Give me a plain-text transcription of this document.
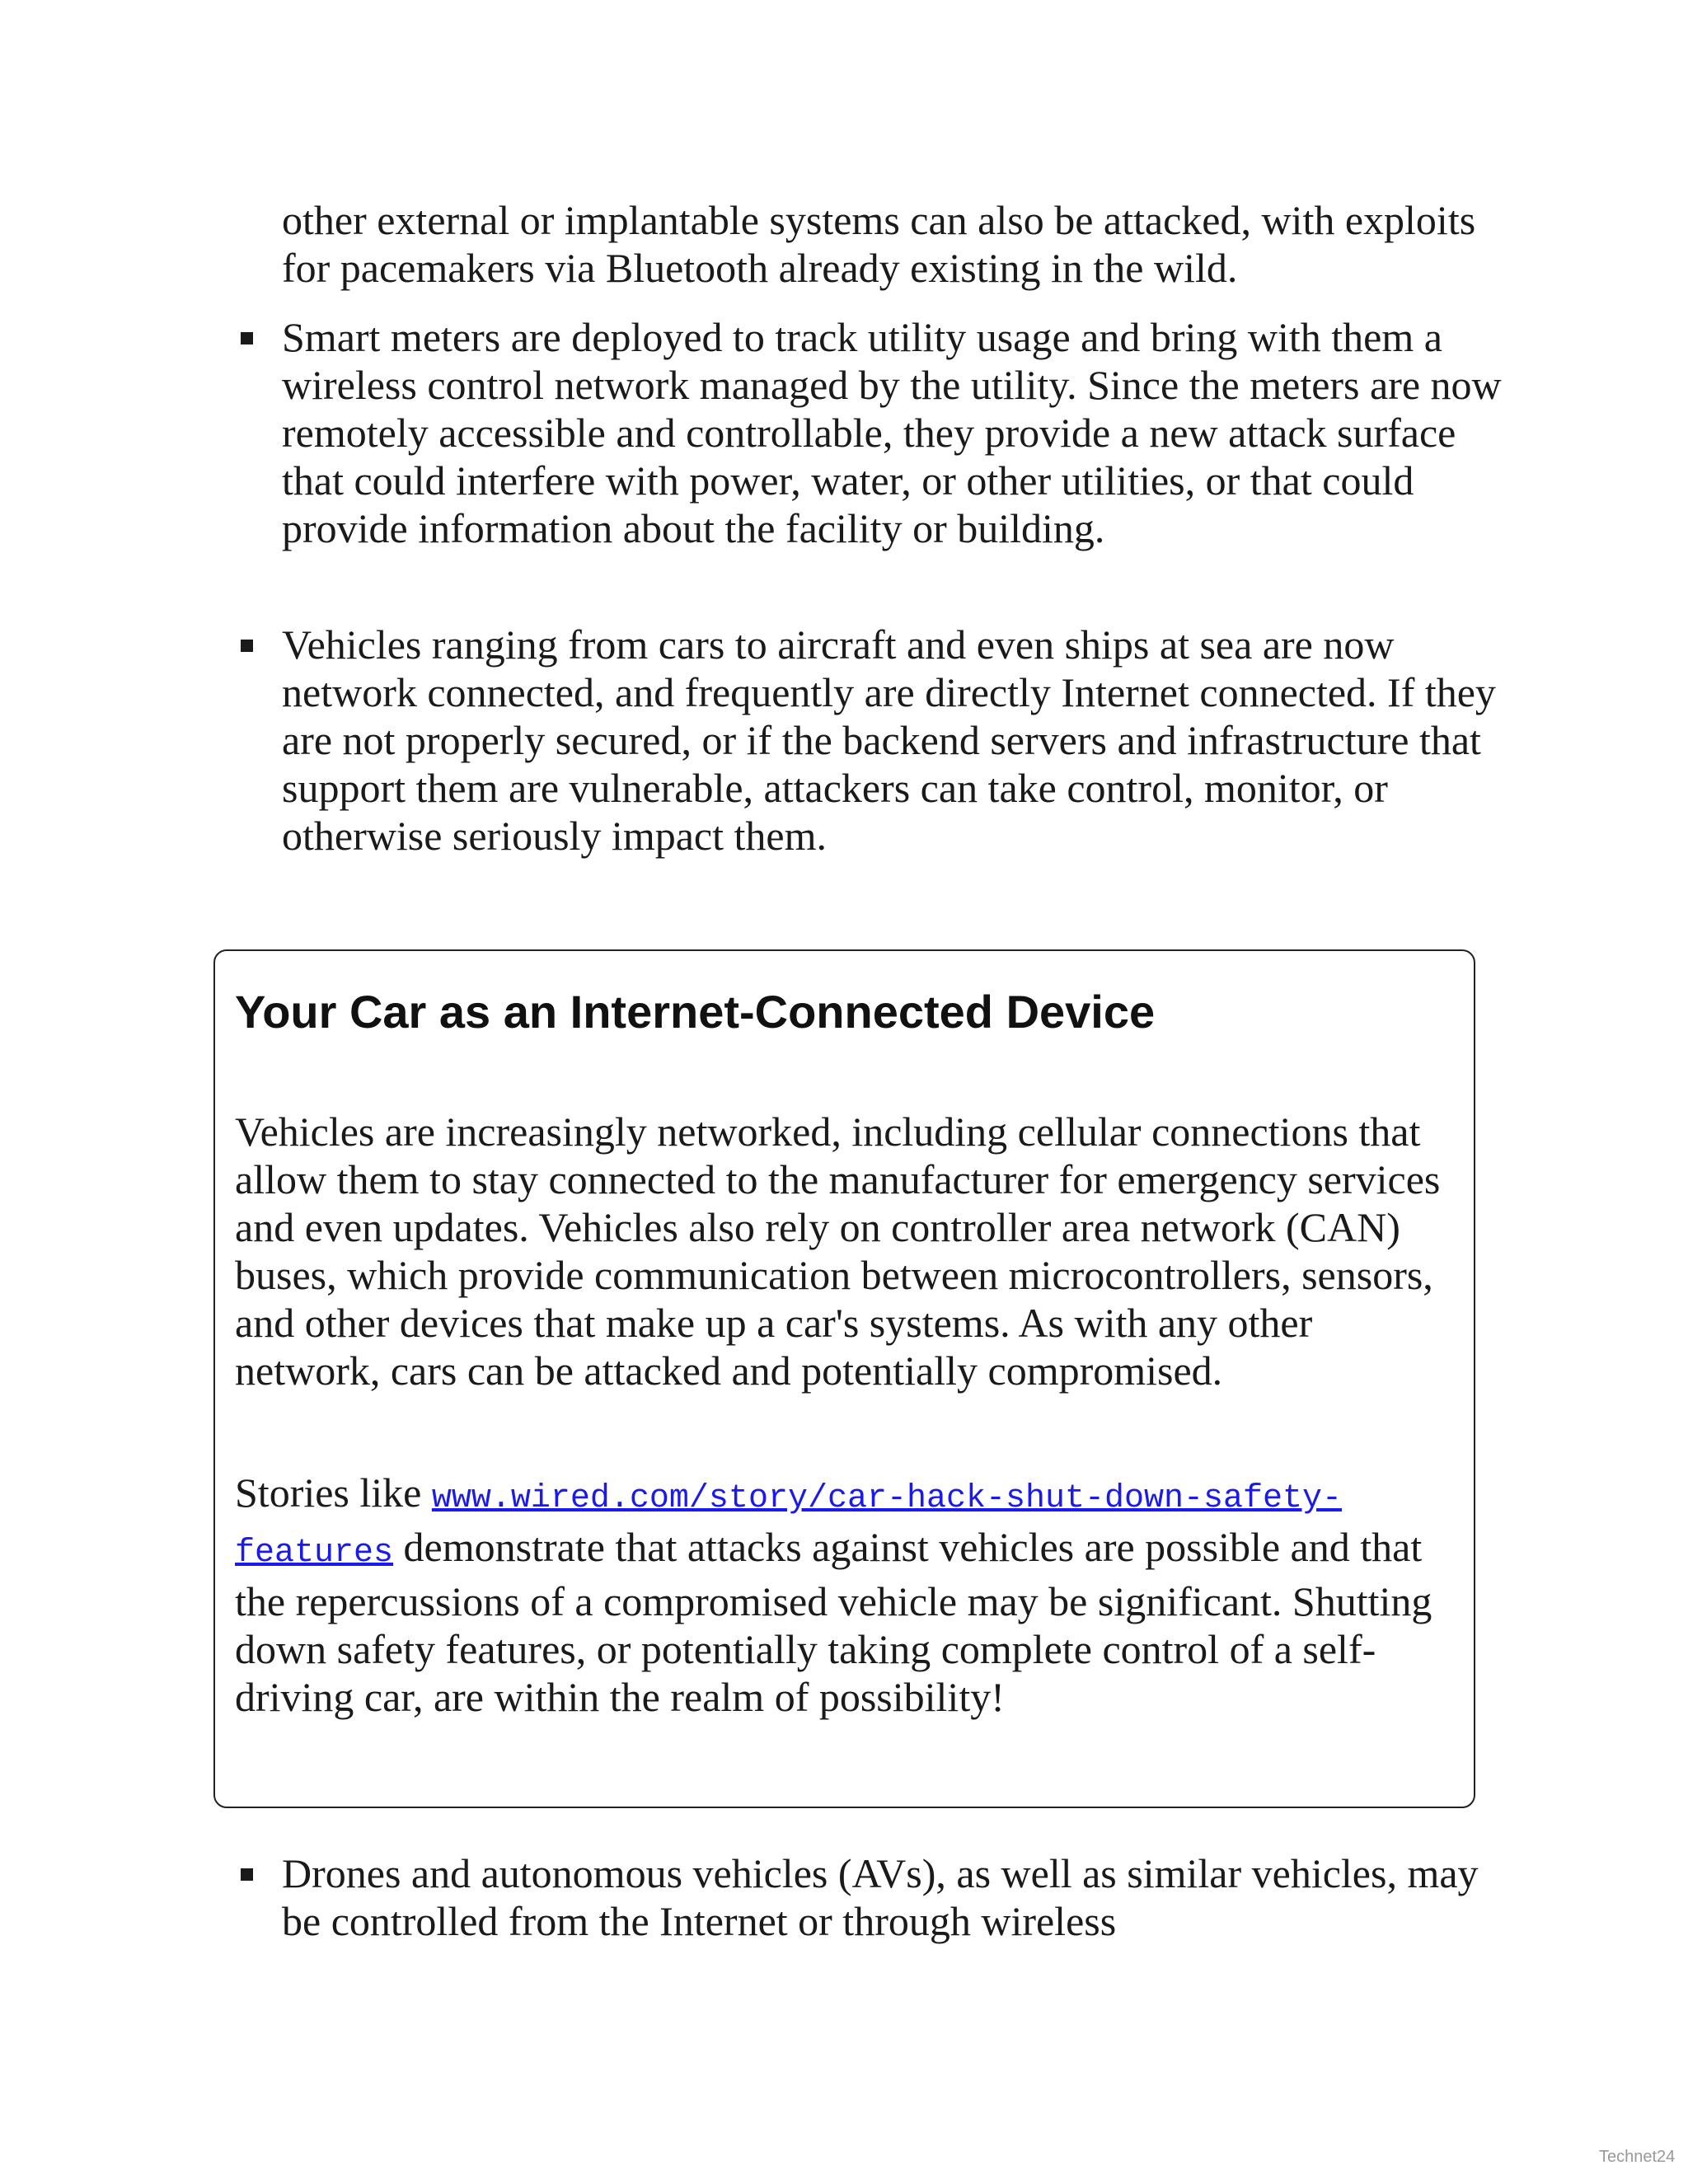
other external or implantable systems can also be attacked, with exploits for pacemakers via Bluetooth already existing in the wild.

Smart meters are deployed to track utility usage and bring with them a wireless control network managed by the utility. Since the meters are now remotely accessible and controllable, they provide a new attack surface that could interfere with power, water, or other utilities, or that could provide information about the facility or building.
Vehicles ranging from cars to aircraft and even ships at sea are now network connected, and frequently are directly Internet connected. If they are not properly secured, or if the backend servers and infrastructure that support them are vulnerable, attackers can take control, monitor, or otherwise seriously impact them.
Your Car as an Internet-Connected Device

Vehicles are increasingly networked, including cellular connections that allow them to stay connected to the manufacturer for emergency services and even updates. Vehicles also rely on controller area network (CAN) buses, which provide communication between microcontrollers, sensors, and other devices that make up a car's systems. As with any other network, cars can be attacked and potentially compromised.

Stories like www.wired.com/story/car-hack-shut-down-safety-features demonstrate that attacks against vehicles are possible and that the repercussions of a compromised vehicle may be significant. Shutting down safety features, or potentially taking complete control of a self-driving car, are within the realm of possibility!

Drones and autonomous vehicles (AVs), as well as similar vehicles, may be controlled from the Internet or through wireless
Technet24
